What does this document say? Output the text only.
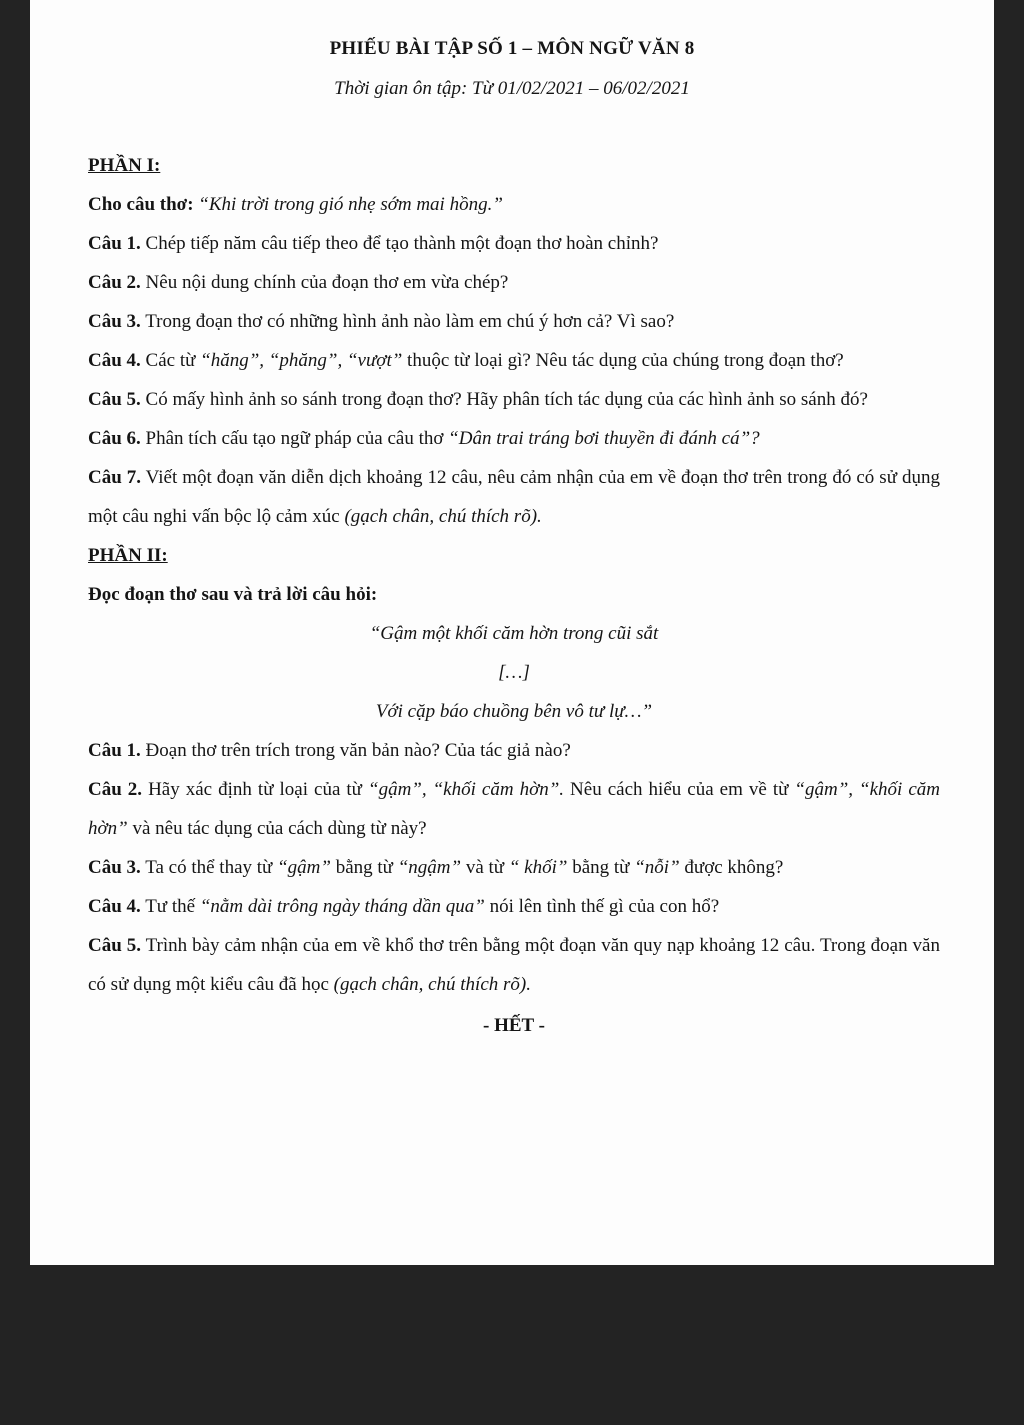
PHIẾU BÀI TẬP SỐ 1 – MÔN NGỮ VĂN 8
Thời gian ôn tập: Từ 01/02/2021 – 06/02/2021

PHẦN I:

Cho câu thơ: “Khi trời trong gió nhẹ sớm mai hồng.”

Câu 1. Chép tiếp năm câu tiếp theo để tạo thành một đoạn thơ hoàn chỉnh?

Câu 2. Nêu nội dung chính của đoạn thơ em vừa chép?

Câu 3. Trong đoạn thơ có những hình ảnh nào làm em chú ý hơn cả? Vì sao?

Câu 4. Các từ “hăng”, “phăng”, “vượt” thuộc từ loại gì? Nêu tác dụng của chúng trong đoạn thơ?

Câu 5. Có mấy hình ảnh so sánh trong đoạn thơ? Hãy phân tích tác dụng của các hình ảnh so sánh đó?

Câu 6. Phân tích cấu tạo ngữ pháp của câu thơ “Dân trai tráng bơi thuyền đi đánh cá”?

Câu 7. Viết một đoạn văn diễn dịch khoảng 12 câu, nêu cảm nhận của em về đoạn thơ trên trong đó có sử dụng một câu nghi vấn bộc lộ cảm xúc (gạch chân, chú thích rõ).

PHẦN II:

Đọc đoạn thơ sau và trả lời câu hỏi:

“Gậm một khối căm hờn trong cũi sắt

[…]

Với cặp báo chuồng bên vô tư lự…”

Câu 1. Đoạn thơ trên trích trong văn bản nào? Của tác giả nào?

Câu 2. Hãy xác định từ loại của từ “gậm”, “khối căm hờn”. Nêu cách hiểu của em về từ “gậm”, “khối căm hờn” và nêu tác dụng của cách dùng từ này?

Câu 3. Ta có thể thay từ “gậm” bằng từ “ngậm” và từ “ khối” bằng từ “nỗi” được không?

Câu 4. Tư thế “nằm dài trông ngày tháng dần qua” nói lên tình thế gì của con hổ?

Câu 5. Trình bày cảm nhận của em về khổ thơ trên bằng một đoạn văn quy nạp khoảng 12 câu. Trong đoạn văn có sử dụng một kiểu câu đã học (gạch chân, chú thích rõ).

- HẾT -
